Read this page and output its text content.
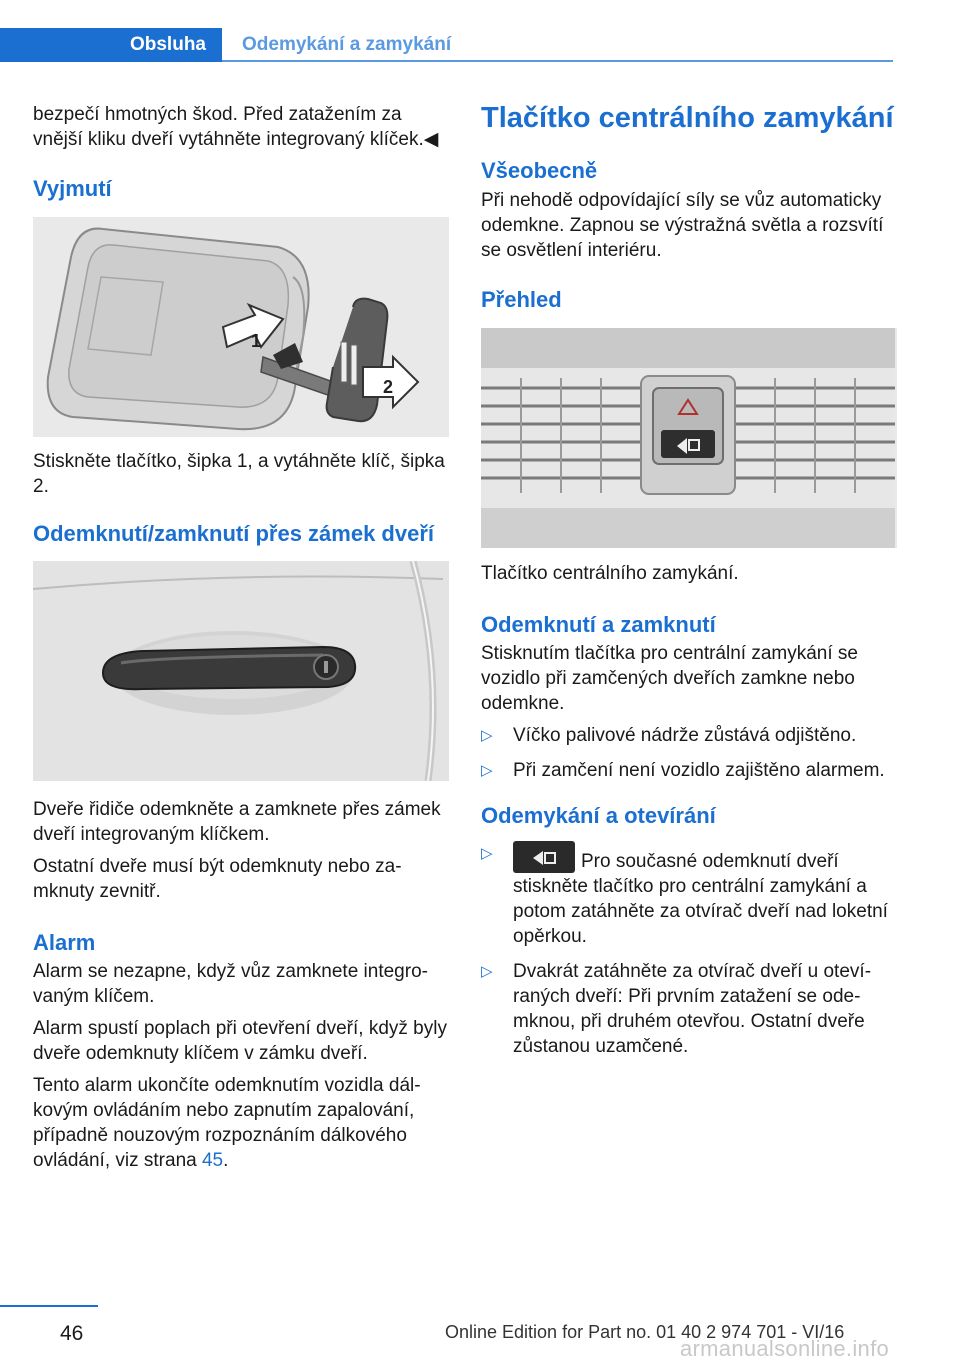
Obsluha	Odemykání a zamykání

bezpečí hmotných škod. Před zatažením za vnější kliku dveří vytáhněte integrovaný klíček.◀

Vyjmutí
1
2

Stiskněte tlačítko, šipka 1, a vytáhněte klíč, šipka 2.

Odemknutí/zamknutí přes zámek dveří

Dveře řidiče odemkněte a zamknete přes zámek dveří integrovaným klíčkem.

Ostatní dveře musí být odemknuty nebo zamknuty zevnitř.

Alarm

Alarm se nezapne, když vůz zamknete integrovaným klíčem.

Alarm spustí poplach při otevření dveří, když byly dveře odemknuty klíčem v zámku dveří.

Tento alarm ukončíte odemknutím vozidla dálkovým ovládáním nebo zapnutím zapalování, případně nouzovým rozpoznáním dálkového ovládání, viz strana 45.

Tlačítko centrálního zamykání
Všeobecně

Při nehodě odpovídající síly se vůz automaticky odemkne. Zapnou se výstražná světla a rozsvítí se osvětlení interiéru.

Přehled

Tlačítko centrálního zamykání.

Odemknutí a zamknutí

Stisknutím tlačítka pro centrální zamykání se vozidlo při zamčených dveřích zamkne nebo odemkne.

▷ Víčko palivové nádrže zůstává odjištěno.
▷ Při zamčení není vozidlo zajištěno alarmem.
Odemykání a otevírání
▷	Pro současné odemknutí dveří stiskněte tlačítko pro centrální zamykání a potom zatáhněte za otvírač dveří nad loketní opěrkou.
▷ Dvakrát zatáhněte za otvírač dveří u otevíraných dveří: Při prvním zatažení se odemknou, při druhém otevřou. Ostatní dveře zůstanou uzamčené.
46	Online Edition for Part no. 01 40 2 974 701 - VI/16
armanualsonline.info
